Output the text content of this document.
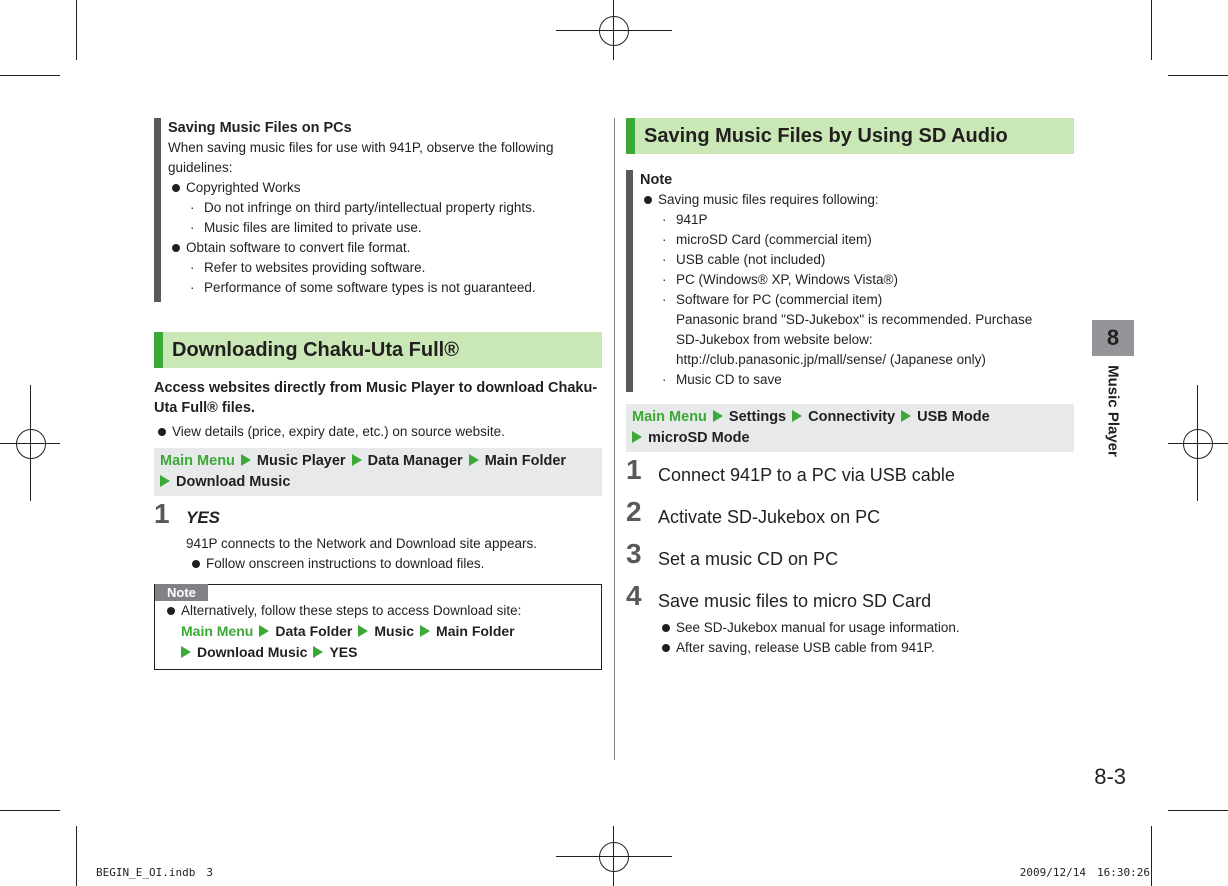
Saving Music Files on PCs
When saving music files for use with 941P, observe the following guidelines:
Copyrighted Works
· Do not infringe on third party/intellectual property rights.
· Music files are limited to private use.
Obtain software to convert file format.
· Refer to websites providing software.
· Performance of some software types is not guaranteed.
Downloading Chaku-Uta Full®
Access websites directly from Music Player to download Chaku-Uta Full® files.
View details (price, expiry date, etc.) on source website.
Main Menu Music Player Data Manager Main Folder
Download Music
1 YES
941P connects to the Network and Download site appears.
Follow onscreen instructions to download files.
Note
Alternatively, follow these steps to access Download site:
Main Menu Data Folder Music Main Folder
Download Music YES
Saving Music Files by Using SD Audio
Note
Saving music files requires following:
· 941P
· microSD Card (commercial item)
· USB cable (not included)
· PC (Windows® XP, Windows Vista®)
· Software for PC (commercial item)
Panasonic brand "SD-Jukebox" is recommended. Purchase
SD-Jukebox from website below:
http://club.panasonic.jp/mall/sense/ (Japanese only)
· Music CD to save
Main Menu Settings Connectivity USB Mode
microSD Mode
1 Connect 941P to a PC via USB cable
2 Activate SD-Jukebox on PC
3 Set a music CD on PC
4 Save music files to micro SD Card
See SD-Jukebox manual for usage information.
After saving, release USB cable from 941P.
8
Music Player
8-3
BEGIN_E_OI.indb　3	2009/12/14　16:30:26
